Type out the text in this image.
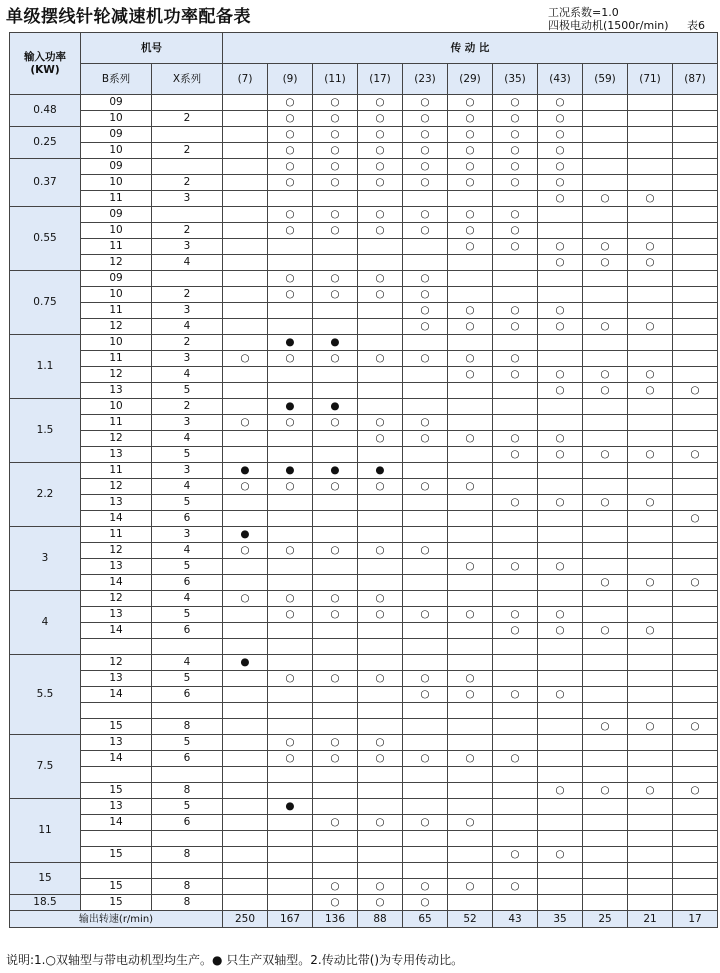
单级摆线针轮减速机功率配备表	工况系数=1.0
四极电动机(1500r/min) 表6
输入功率
(KW)	机号		传 动 比										
	B系列	X系列	(7)	(9)	(11)	(17)	(23)	(29)	(35)	(43)	(59)	(71)	(87)
0.48	09			○	○	○	○	○	○	○			
	10	2		○	○	○	○	○	○	○			
0.25	09			○	○	○	○	○	○	○			
	10	2		○	○	○	○	○	○	○			
0.37	09			○	○	○	○	○	○	○			
	10	2		○	○	○	○	○	○	○			
	11	3								○	○	○	
0.55	09			○	○	○	○	○	○				
	10	2		○	○	○	○	○	○				
	11	3						○	○	○	○	○	
	12	4								○	○	○	
0.75	09			○	○	○	○						
	10	2		○	○	○	○						
	11	3					○	○	○	○			
	12	4					○	○	○	○	○	○	
1.1	10	2		●	●								
	11	3	○	○	○	○	○	○	○				
	12	4						○	○	○	○	○	
	13	5								○	○	○	○
1.5	10	2		●	●								
	11	3	○	○	○	○	○						
	12	4				○	○	○	○	○			
	13	5							○	○	○	○	○
2.2	11	3	●	●	●	●							
	12	4	○	○	○	○	○	○					
	13	5							○	○	○	○	
	14	6											○
3	11	3	●										
	12	4	○	○	○	○	○						
	13	5						○	○	○			
	14	6									○	○	○
4	12	4	○	○	○	○							
	13	5		○	○	○	○	○	○	○			
	14	6							○	○	○	○	

5.5	12	4	●										
	13	5		○	○	○	○	○					
	14	6					○	○	○	○			

	15	8									○	○	○
7.5	13	5		○	○	○							
	14	6		○	○	○	○	○	○				

	15	8								○	○	○	○
11	13	5		●									
	14	6			○	○	○	○					

	15	8							○	○			
15													
	15	8			○	○	○	○	○				
18.5	15	8			○	○	○						
输出转速(r/min)			250	167	136	88	65	52	43	35	25	21	17
说明:1.○双轴型与带电动机型均生产。● 只生产双轴型。2.传动比带()为专用传动比。
